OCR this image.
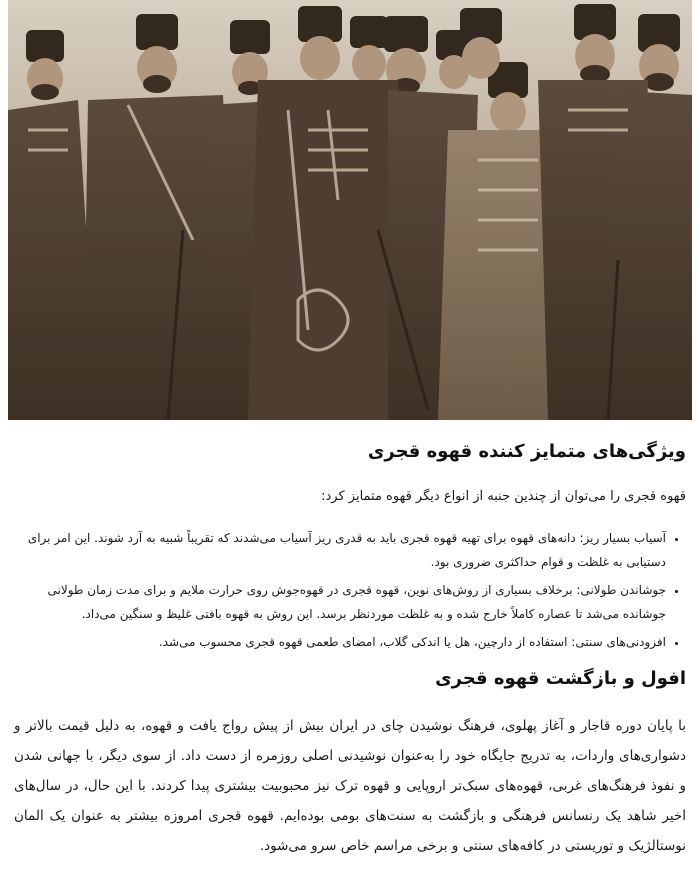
ویژگی‌های متمایز کننده قهوه قجری

قهوه قجری را می‌توان از چندین جنبه از انواع دیگر قهوه متمایز کرد:

• آسیاب بسیار ریز: دانه‌های قهوه برای تهیه قهوه قجری باید به قدری ریز آسیاب می‌شدند که تقریباً شبیه به آرد شوند. این امر برای دستیابی به غلظت و قوام حداکثری ضروری بود.
• جوشاندن طولانی: برخلاف بسیاری از روش‌های نوین، قهوه قجری در قهوه‌جوش روی حرارت ملایم و برای مدت زمان طولانی جوشانده می‌شد تا عصاره کاملاً خارج شده و به غلظت موردنظر برسد. این روش به قهوه بافتی غلیظ و سنگین می‌داد.
• افزودنی‌های سنتی: استفاده از دارچین، هل یا اندکی گلاب، امضای طعمی قهوه قجری محسوب می‌شد.
افول و بازگشت قهوه قجری

با پایان دوره قاجار و آغاز پهلوی، فرهنگ نوشیدن چای در ایران بیش از پیش رواج یافت و قهوه، به دلیل قیمت بالاتر و دشواری‌های واردات، به تدریج جایگاه خود را به‌عنوان نوشیدنی اصلی روزمره از دست داد. از سوی دیگر، با جهانی شدن و نفوذ فرهنگ‌های غربی، قهوه‌های سبک‌تر اروپایی و قهوه ترک نیز محبوبیت بیشتری پیدا کردند. با این حال، در سال‌های اخیر شاهد یک رنسانس فرهنگی و بازگشت به سنت‌های بومی بوده‌ایم. قهوه قجری امروزه بیشتر به عنوان یک المان نوستالژیک و توریستی در کافه‌های سنتی و برخی مراسم خاص سرو می‌شود.
